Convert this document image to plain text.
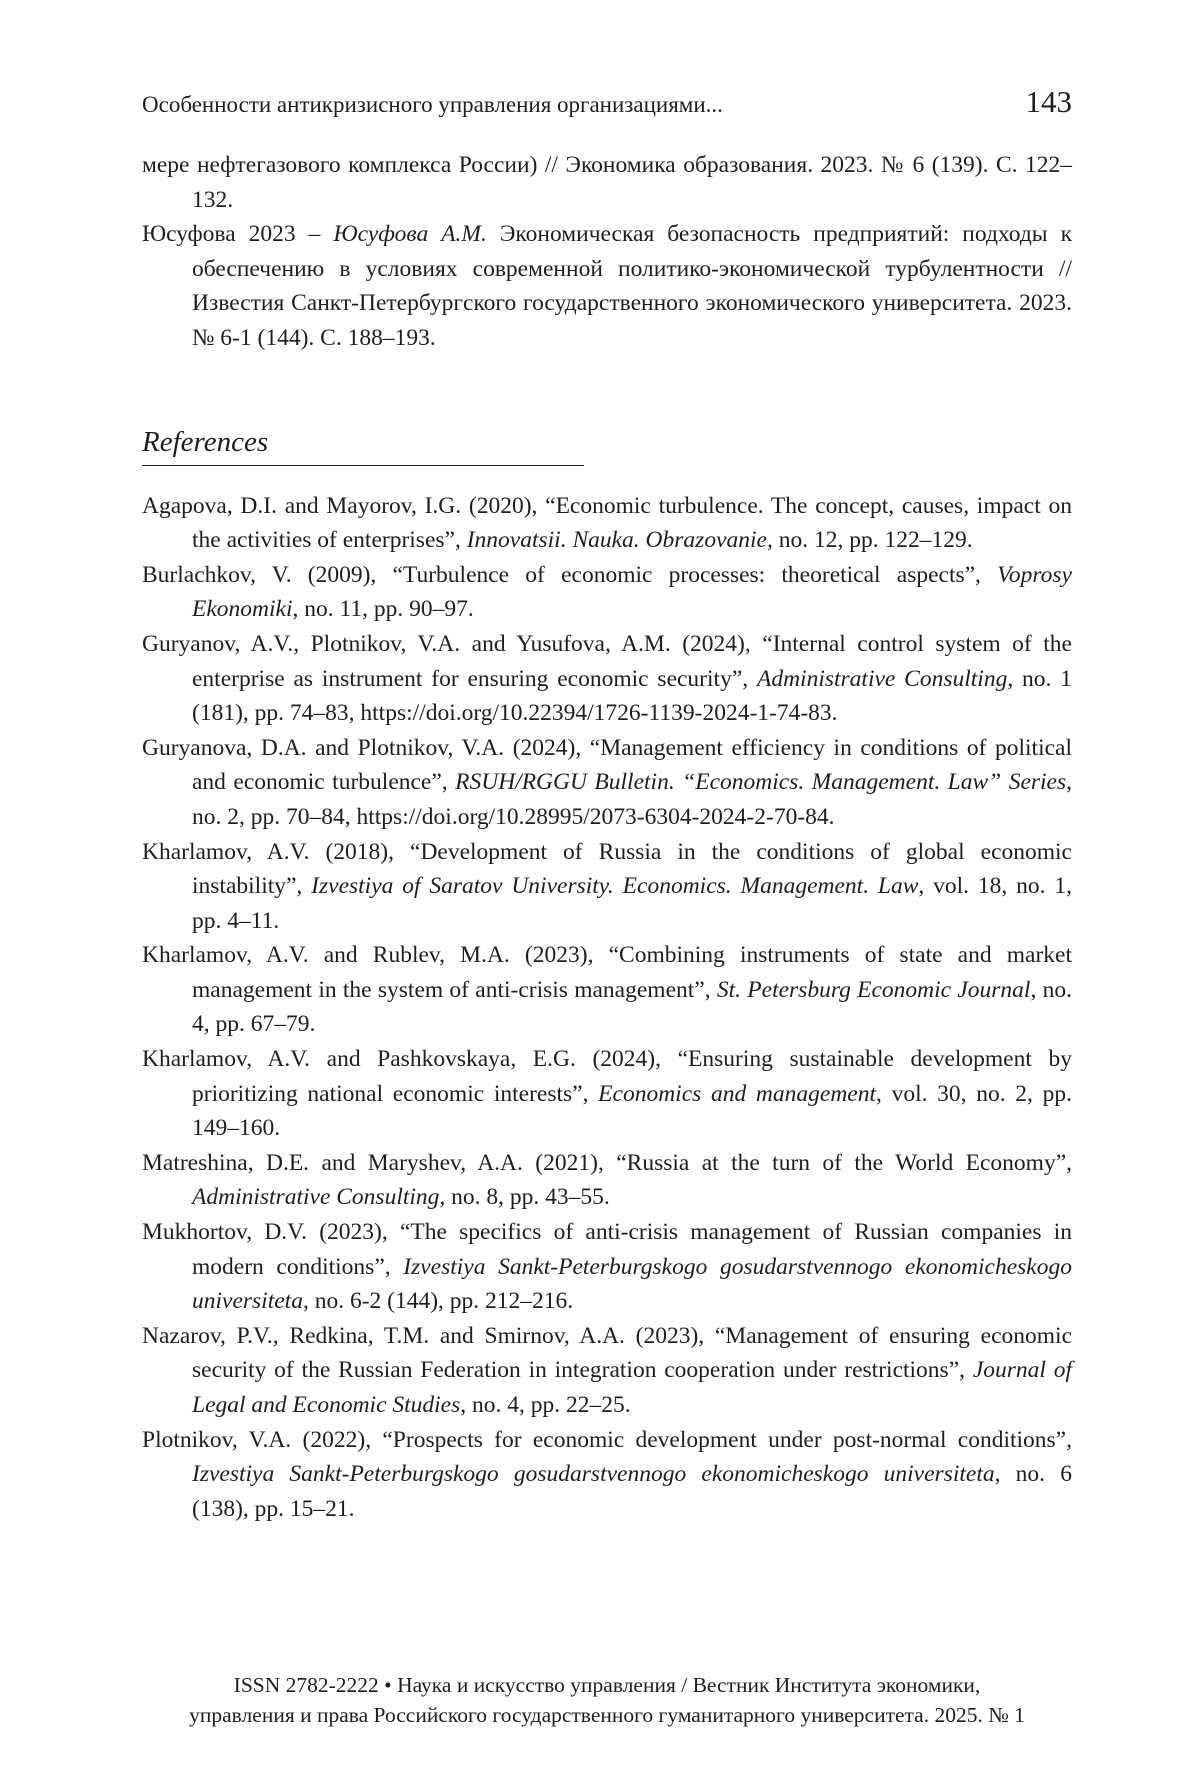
Особенности антикризисного управления организациями...	143

мере нефтегазового комплекса России) // Экономика образования. 2023. № 6 (139). С. 122–132.

Юсуфова 2023 – Юсуфова А.М. Экономическая безопасность предприятий: подходы к обеспечению в условиях современной политико-экономической турбулентности // Известия Санкт-Петербургского государственного экономического университета. 2023. № 6-1 (144). С. 188–193.

References

Agapova, D.I. and Mayorov, I.G. (2020), “Economic turbulence. The concept, causes, impact on the activities of enterprises”, Innovatsii. Nauka. Obrazovanie, no. 12, pp. 122–129.

Burlachkov, V. (2009), “Turbulence of economic processes: theoretical aspects”, Voprosy Ekonomiki, no. 11, pp. 90–97.

Guryanov, A.V., Plotnikov, V.A. and Yusufova, A.M. (2024), “Internal control system of the enterprise as instrument for ensuring economic security”, Administrative Consulting, no. 1 (181), pp. 74–83, https://doi.org/10.22394/1726-1139-2024-1-74-83.

Guryanova, D.A. and Plotnikov, V.A. (2024), “Management efficiency in conditions of political and economic turbulence”, RSUH/RGGU Bulletin. “Economics. Management. Law” Series, no. 2, pp. 70–84, https://doi.org/10.28995/2073-6304-2024-2-70-84.

Kharlamov, A.V. (2018), “Development of Russia in the conditions of global economic instability”, Izvestiya of Saratov University. Economics. Management. Law, vol. 18, no. 1, pp. 4–11.

Kharlamov, A.V. and Rublev, M.A. (2023), “Combining instruments of state and market management in the system of anti-crisis management”, St. Petersburg Economic Journal, no. 4, pp. 67–79.

Kharlamov, A.V. and Pashkovskaya, E.G. (2024), “Ensuring sustainable development by prioritizing national economic interests”, Economics and management, vol. 30, no. 2, pp. 149–160.

Matreshina, D.E. and Maryshev, A.A. (2021), “Russia at the turn of the World Economy”, Administrative Consulting, no. 8, pp. 43–55.

Mukhortov, D.V. (2023), “The specifics of anti-crisis management of Russian companies in modern conditions”, Izvestiya Sankt-Peterburgskogo gosudarstvennogo ekonomicheskogo universiteta, no. 6-2 (144), pp. 212–216.

Nazarov, P.V., Redkina, T.M. and Smirnov, A.A. (2023), “Management of ensuring economic security of the Russian Federation in integration cooperation under restrictions”, Journal of Legal and Economic Studies, no. 4, pp. 22–25.

Plotnikov, V.A. (2022), “Prospects for economic development under post-normal conditions”, Izvestiya Sankt-Peterburgskogo gosudarstvennogo ekonomicheskogo universiteta, no. 6 (138), pp. 15–21.

ISSN 2782-2222 • Наука и искусство управления / Вестник Института экономики,
управления и права Российского государственного гуманитарного университета. 2025. № 1
